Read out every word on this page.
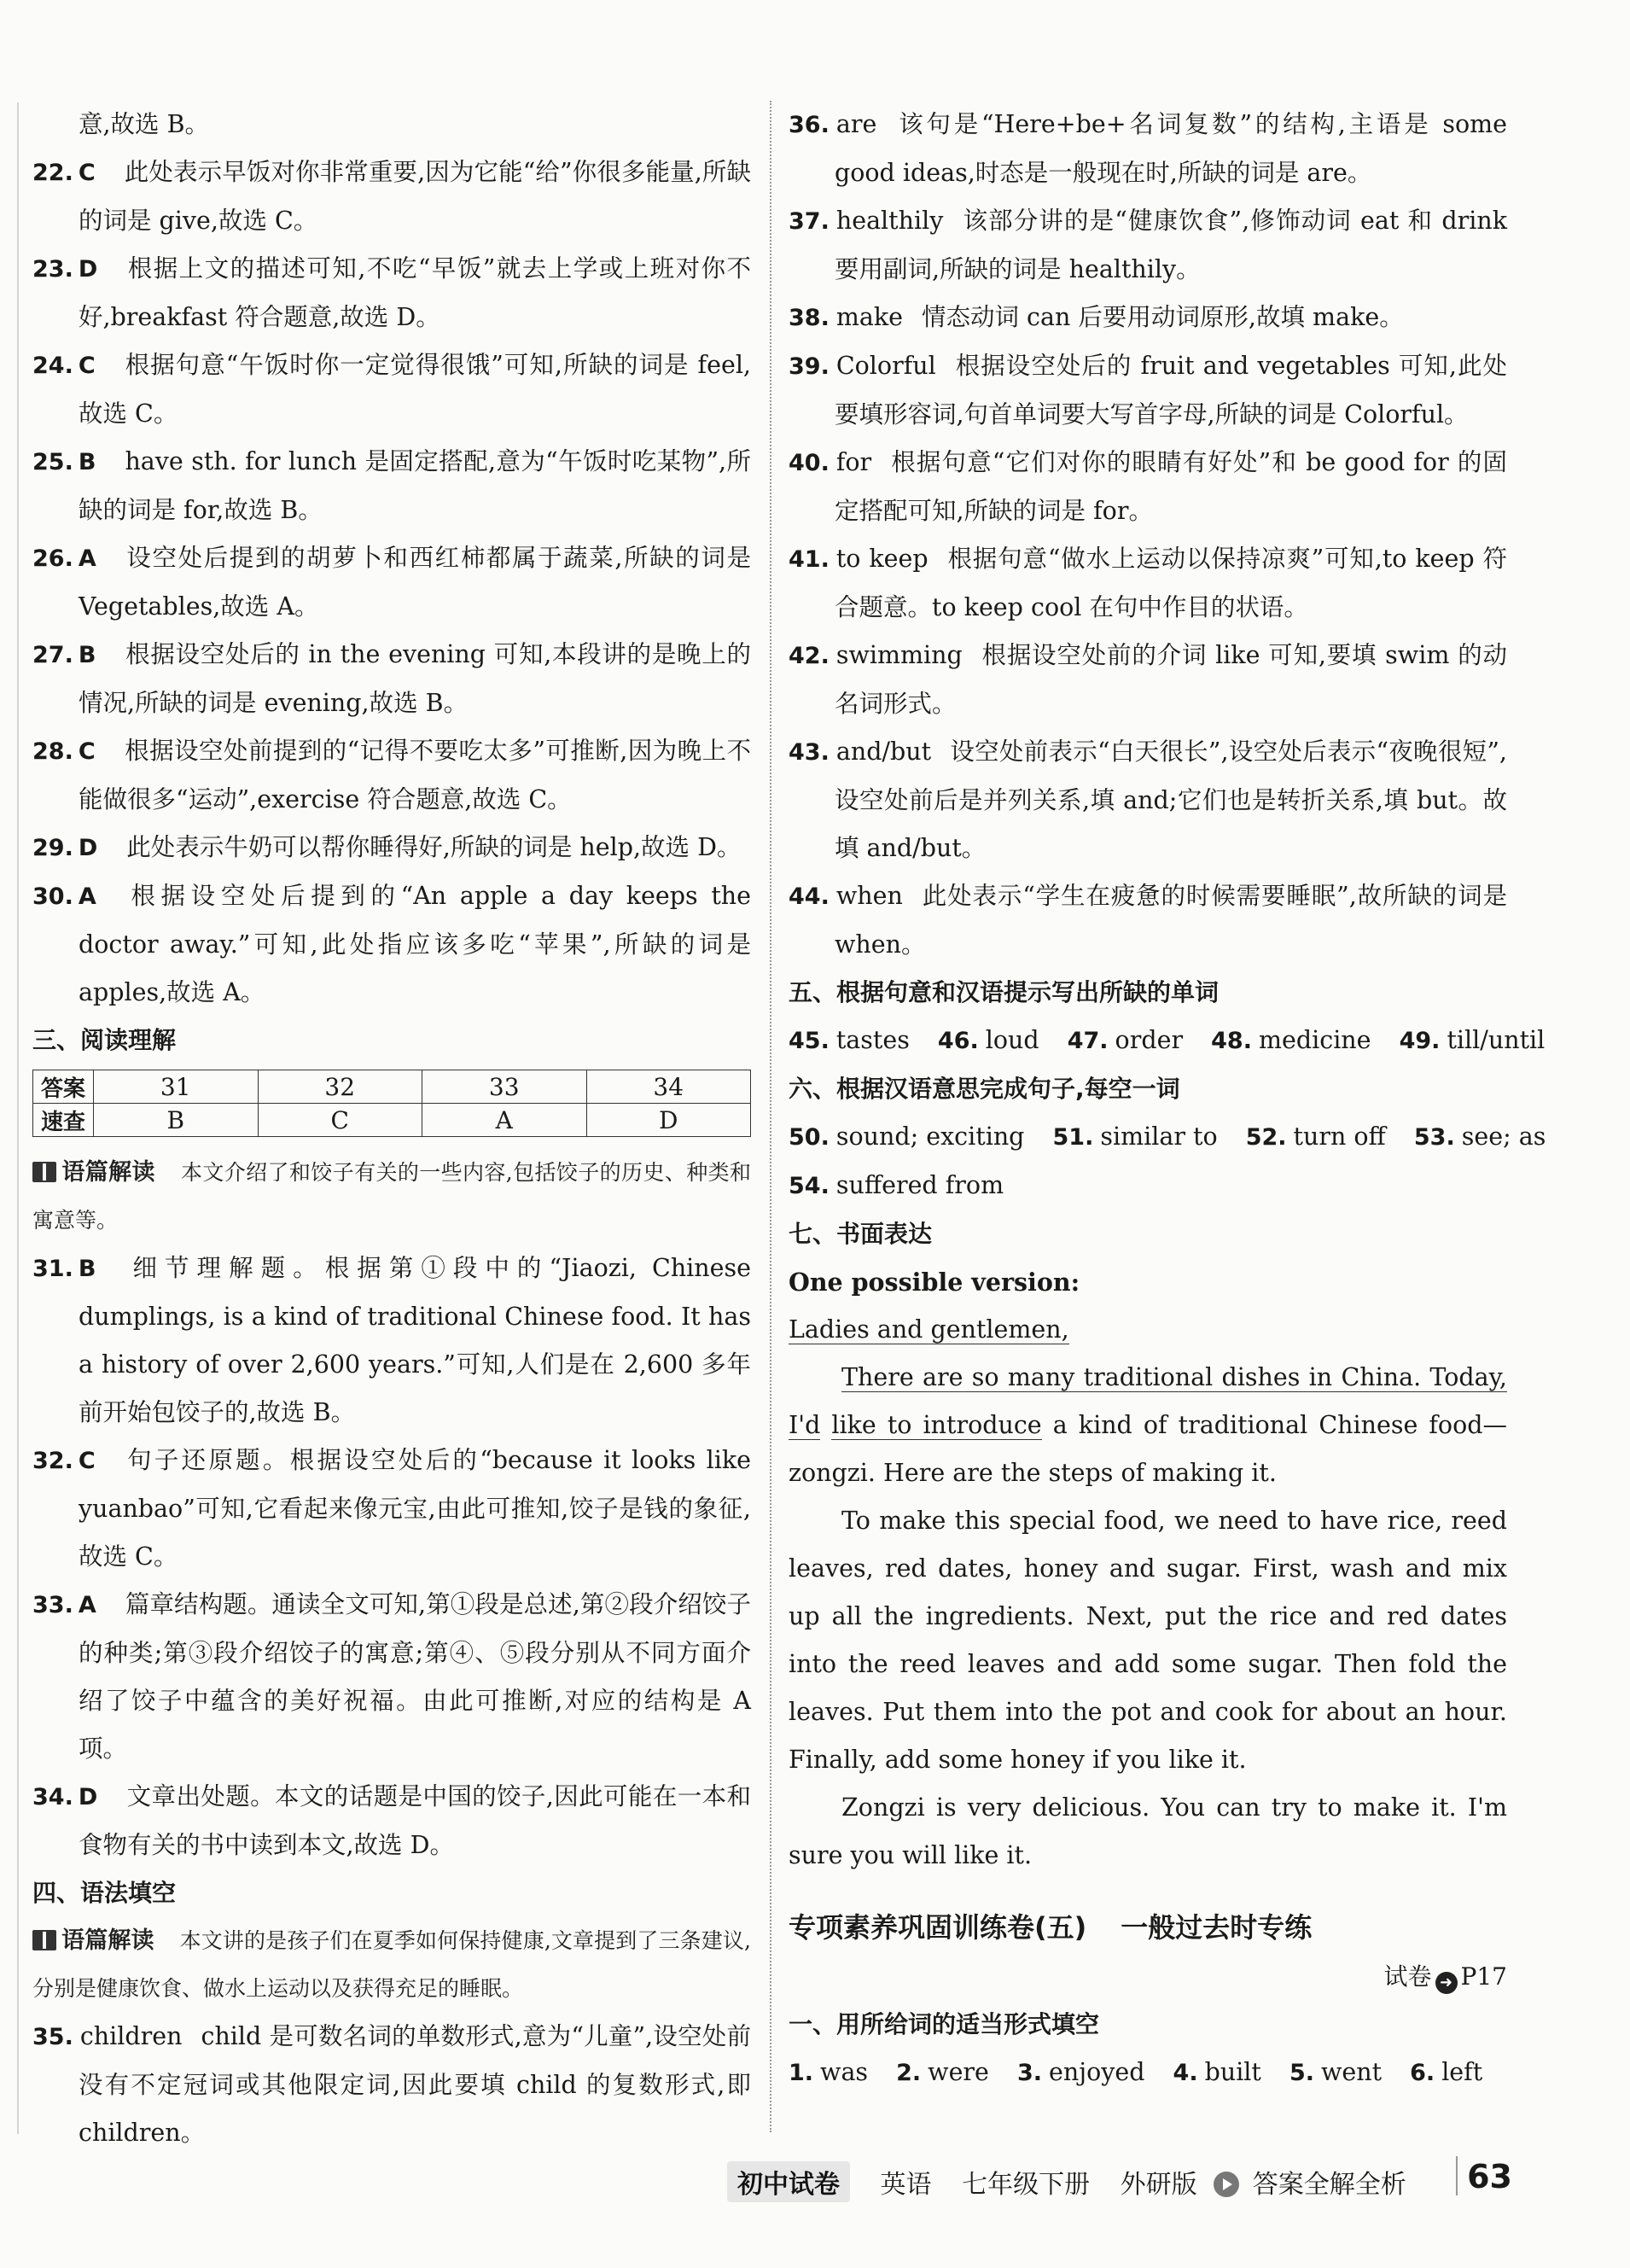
意,故选 B。

22. C 此处表示早饭对你非常重要,因为它能“给”你很多能量,所缺的词是 give,故选 C。

23. D 根据上文的描述可知,不吃“早饭”就去上学或上班对你不好,breakfast 符合题意,故选 D。

24. C 根据句意“午饭时你一定觉得很饿”可知,所缺的词是 feel,故选 C。

25. B have sth. for lunch 是固定搭配,意为“午饭时吃某物”,所缺的词是 for,故选 B。

26. A 设空处后提到的胡萝卜和西红柿都属于蔬菜,所缺的词是 Vegetables,故选 A。

27. B 根据设空处后的 in the evening 可知,本段讲的是晚上的情况,所缺的词是 evening,故选 B。

28. C 根据设空处前提到的“记得不要吃太多”可推断,因为晚上不能做很多“运动”,exercise 符合题意,故选 C。

29. D 此处表示牛奶可以帮你睡得好,所缺的词是 help,故选 D。

30. A 根据设空处后提到的“An apple a day keeps the doctor away.”可知,此处指应该多吃“苹果”,所缺的词是 apples,故选 A。

三、阅读理解

答案	31	32	33	34
速查	B	C	A	D

语篇解读 本文介绍了和饺子有关的一些内容,包括饺子的历史、种类和寓意等。

31. B 细节理解题。根据第①段中的“Jiaozi, Chinese dumplings, is a kind of traditional Chinese food. It has a history of over 2,600 years.”可知,人们是在 2,600 多年前开始包饺子的,故选 B。

32. C 句子还原题。根据设空处后的“because it looks like yuanbao”可知,它看起来像元宝,由此可推知,饺子是钱的象征,故选 C。

33. A 篇章结构题。通读全文可知,第①段是总述,第②段介绍饺子的种类;第③段介绍饺子的寓意;第④、⑤段分别从不同方面介绍了饺子中蕴含的美好祝福。由此可推断,对应的结构是 A 项。

34. D 文章出处题。本文的话题是中国的饺子,因此可能在一本和食物有关的书中读到本文,故选 D。

四、语法填空

语篇解读 本文讲的是孩子们在夏季如何保持健康,文章提到了三条建议,分别是健康饮食、做水上运动以及获得充足的睡眠。

35. children child 是可数名词的单数形式,意为“儿童”,设空处前没有不定冠词或其他限定词,因此要填 child 的复数形式,即 children。

36. are 该句是“Here+be+名词复数”的结构,主语是 some good ideas,时态是一般现在时,所缺的词是 are。

37. healthily 该部分讲的是“健康饮食”,修饰动词 eat 和 drink 要用副词,所缺的词是 healthily。

38. make 情态动词 can 后要用动词原形,故填 make。

39. Colorful 根据设空处后的 fruit and vegetables 可知,此处要填形容词,句首单词要大写首字母,所缺的词是 Colorful。

40. for 根据句意“它们对你的眼睛有好处”和 be good for 的固定搭配可知,所缺的词是 for。

41. to keep 根据句意“做水上运动以保持凉爽”可知,to keep 符合题意。to keep cool 在句中作目的状语。

42. swimming 根据设空处前的介词 like 可知,要填 swim 的动名词形式。

43. and/but 设空处前表示“白天很长”,设空处后表示“夜晚很短”,设空处前后是并列关系,填 and;它们也是转折关系,填 but。故填 and/but。

44. when 此处表示“学生在疲惫的时候需要睡眠”,故所缺的词是 when。

五、根据句意和汉语提示写出所缺的单词

45. tastes 46. loud 47. order 48. medicine 49. till/until

六、根据汉语意思完成句子,每空一词

50. sound; exciting 51. similar to 52. turn off 53. see; as

54. suffered from

七、书面表达

One possible version:

Ladies and gentlemen,

There are so many traditional dishes in China. Today, I'd like to introduce a kind of traditional Chinese food—zongzi. Here are the steps of making it.

To make this special food, we need to have rice, reed leaves, red dates, honey and sugar. First, wash and mix up all the ingredients. Next, put the rice and red dates into the reed leaves and add some sugar. Then fold the leaves. Put them into the pot and cook for about an hour. Finally, add some honey if you like it.

Zongzi is very delicious. You can try to make it. I'm sure you will like it.

专项素养巩固训练卷(五) 一般过去时专练

试卷 ➜ P17

一、用所给词的适当形式填空

1. was 2. were 3. enjoyed 4. built 5. went 6. left

初中试卷 英语 七年级下册 外研版 答案全解全析 63
